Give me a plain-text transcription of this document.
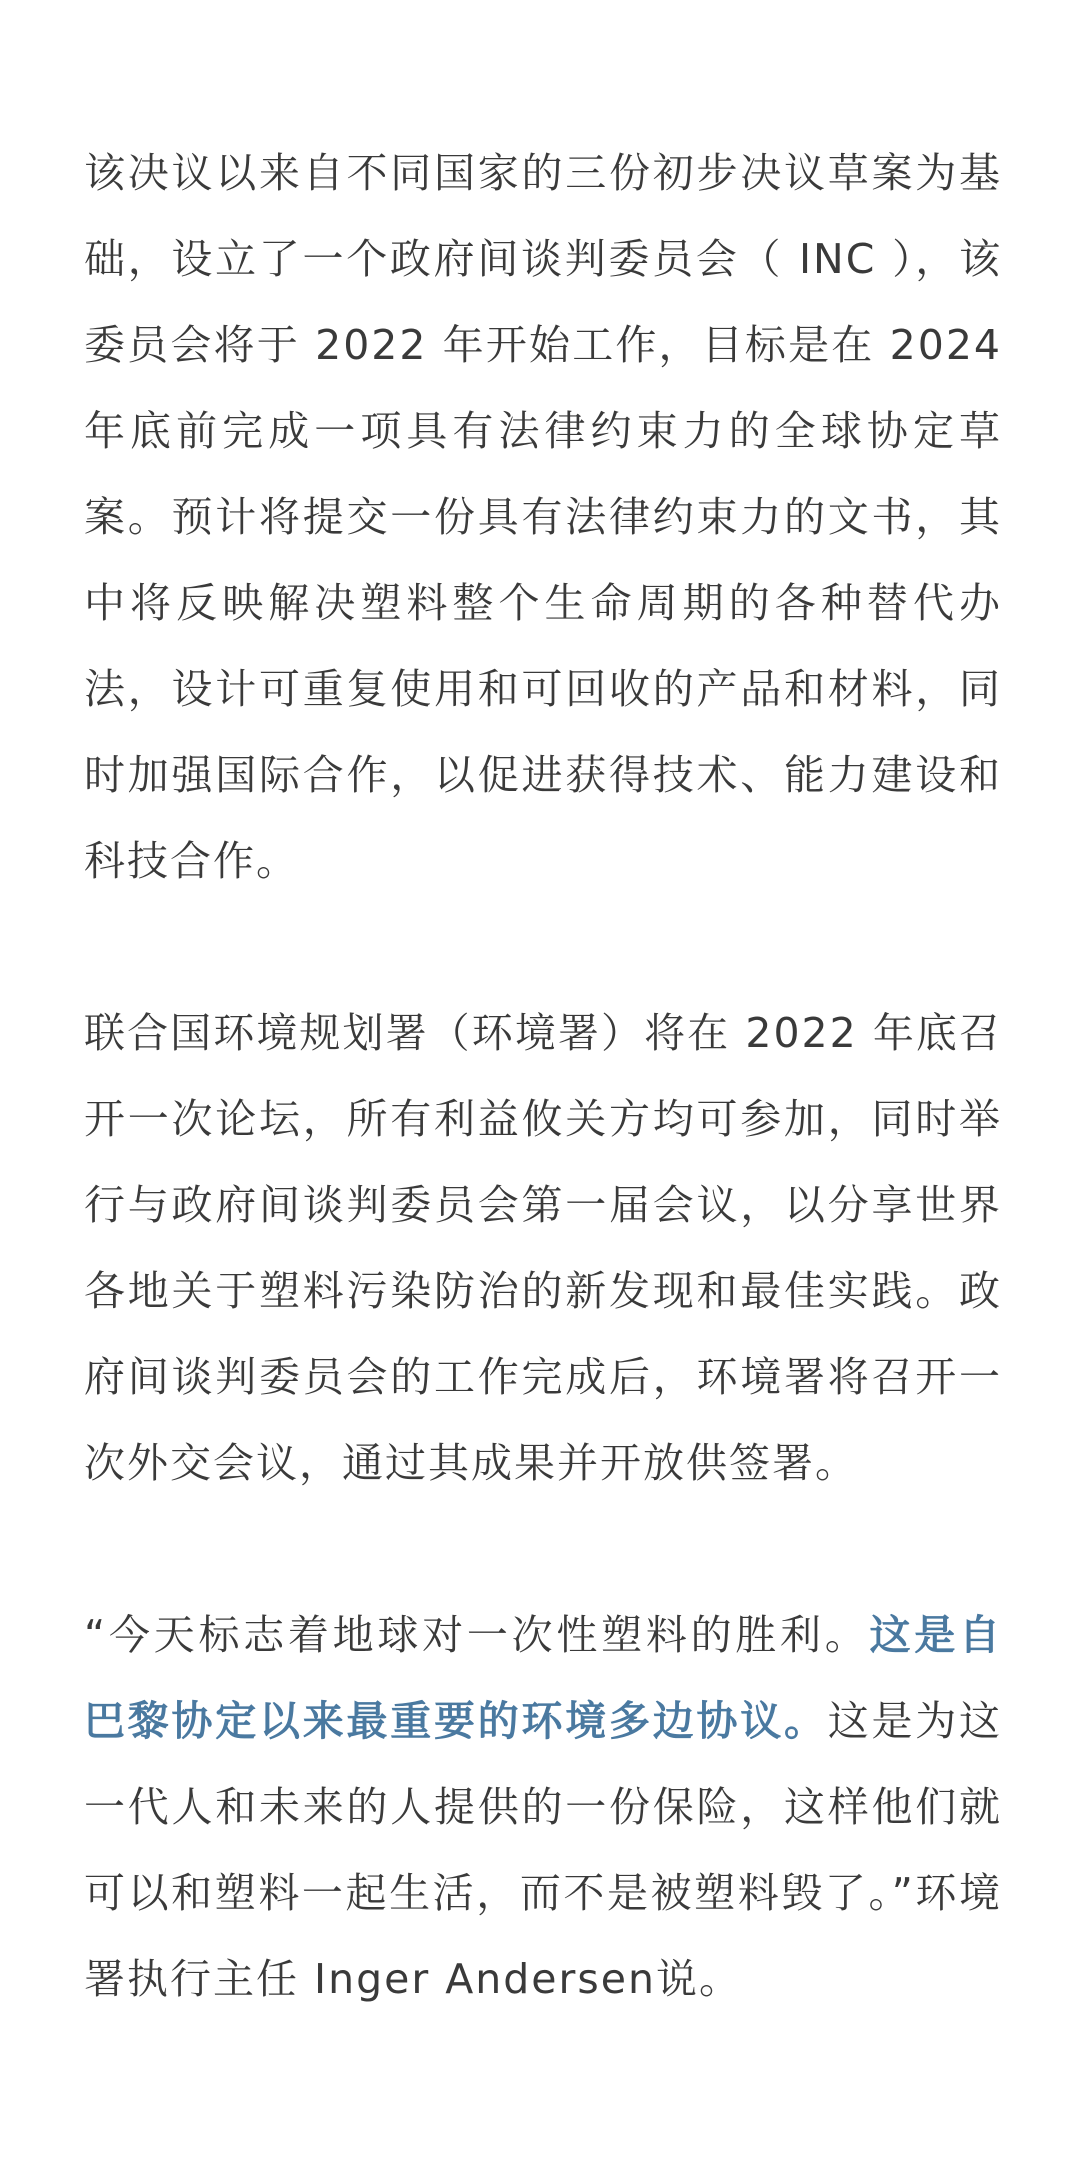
该决议以来自不同国家的三份初步决议草案为基础，设立了一个政府间谈判委员会（ INC ），该委员会将于 2022 年开始工作，目标是在 2024 年底前完成一项具有法律约束力的全球协定草案。预计将提交一份具有法律约束力的文书，其中将反映解决塑料整个生命周期的各种替代办法，设计可重复使用和可回收的产品和材料，同时加强国际合作，以促进获得技术、能力建设和科技合作。

联合国环境规划署（环境署）将在 2022 年底召开一次论坛，所有利益攸关方均可参加，同时举行与政府间谈判委员会第一届会议，以分享世界各地关于塑料污染防治的新发现和最佳实践。政府间谈判委员会的工作完成后，环境署将召开一次外交会议，通过其成果并开放供签署。

“今天标志着地球对一次性塑料的胜利。这是自巴黎协定以来最重要的环境多边协议。这是为这一代人和未来的人提供的一份保险，这样他们就可以和塑料一起生活，而不是被塑料毁了。”环境署执行主任 Inger Andersen说。
